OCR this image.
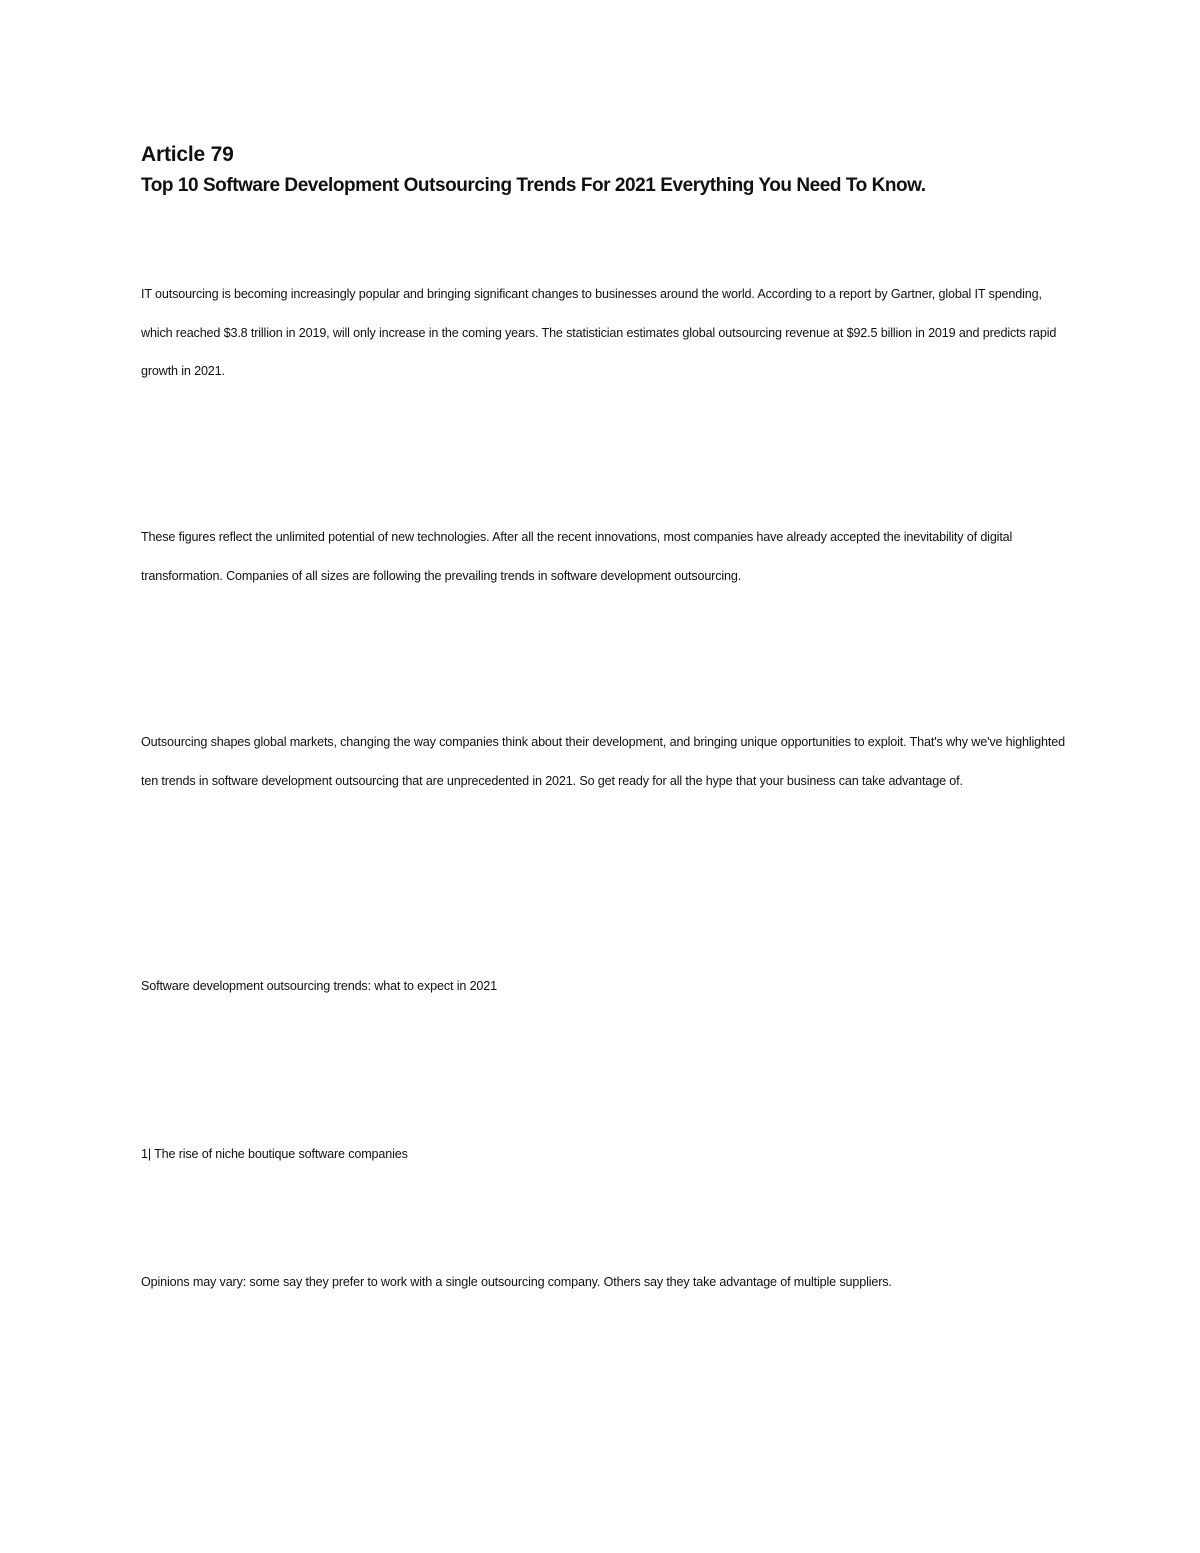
Article 79
Top 10 Software Development Outsourcing Trends For 2021 Everything You Need To Know.

IT outsourcing is becoming increasingly popular and bringing significant changes to businesses around the world. According to a report by Gartner, global IT spending, which reached $3.8 trillion in 2019, will only increase in the coming years. The statistician estimates global outsourcing revenue at $92.5 billion in 2019 and predicts rapid growth in 2021.

These figures reflect the unlimited potential of new technologies. After all the recent innovations, most companies have already accepted the inevitability of digital transformation. Companies of all sizes are following the prevailing trends in software development outsourcing.

Outsourcing shapes global markets, changing the way companies think about their development, and bringing unique opportunities to exploit. That's why we've highlighted ten trends in software development outsourcing that are unprecedented in 2021. So get ready for all the hype that your business can take advantage of.

Software development outsourcing trends: what to expect in 2021

1| The rise of niche boutique software companies

Opinions may vary: some say they prefer to work with a single outsourcing company. Others say they take advantage of multiple suppliers.
